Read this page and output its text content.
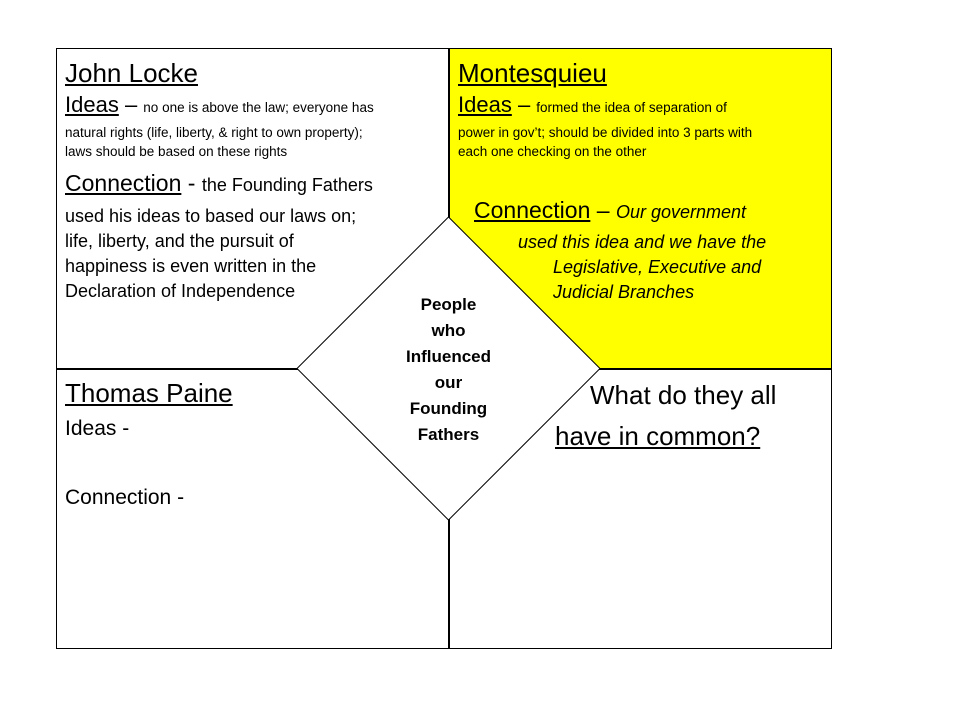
John Locke
Ideas – no one is above the law; everyone has
natural rights (life, liberty, & right to own property);
laws should be based on these rights
Connection - the Founding Fathers
used his ideas to based our laws on;
life, liberty, and the pursuit of
happiness is even written in the
Declaration of Independence
Montesquieu
Ideas – formed the idea of separation of
power in gov’t; should be divided into 3 parts with
each one checking on the other
Connection – Our government
used this idea and we have the
Legislative, Executive and
Judicial Branches
Thomas Paine
Ideas -
Connection -
What do they all
have in common?
People
who
Influenced
our
Founding
Fathers
